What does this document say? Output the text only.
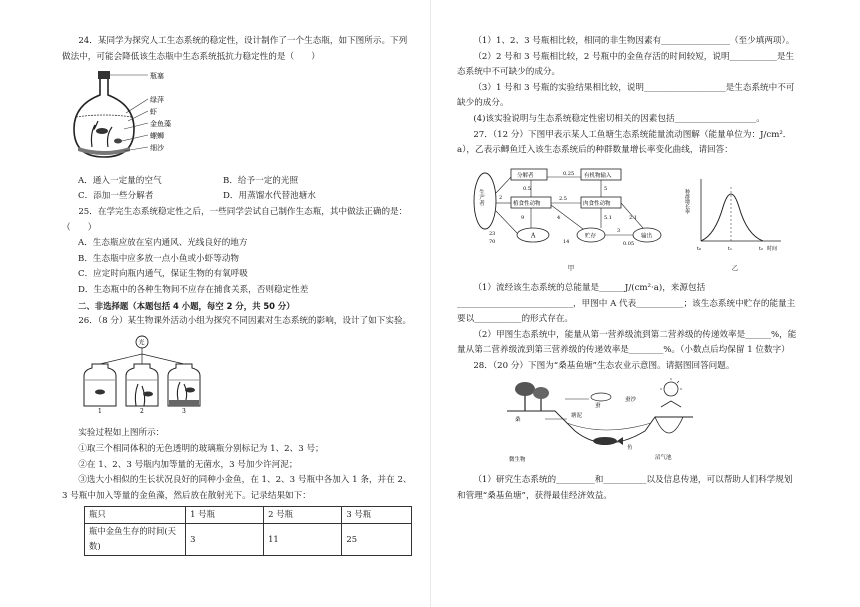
24．某同学为探究人工生态系统的稳定性，设计制作了一个生态瓶，如下图所示。下列做法中，可能会降低该生态瓶中生态系统抵抗力稳定性的是（　　）

瓶塞
绿萍
虾
金鱼藻
螺蛳
细沙
A．通入一定量的空气	B．给予一定的光照
C．添加一些分解者	D．用蒸馏水代替池塘水

25．在学完生态系统稳定性之后，一些同学尝试自己制作生态瓶，其中做法正确的是：（　　）

A．生态瓶应放在室内通风、光线良好的地方

B．生态瓶中应多放一点小鱼或小虾等动物

C．应定时向瓶内通气，保证生物的有氧呼吸

D．生态瓶中的各种生物间不应存在捕食关系，否则稳定性差

二、非选择题（本题包括 4 小题，每空 2 分，共 50 分）

26．（8 分）某生物课外活动小组为探究不同因素对生态系统的影响，设计了如下实验。

光
1	2	3

实验过程如上图所示：

①取三个相同体积的无色透明的玻璃瓶分别标记为 1、2、3 号；

②在 1、2、3 号瓶内加等量的无菌水，3 号加少许河泥；

③选大小相似的生长状况良好的同种小金鱼，在 1、2、3 号瓶中各加入 1 条，并在 2、3 号瓶中加入等量的金鱼藻，然后放在散射光下。记录结果如下：

瓶只	1 号瓶	2 号瓶	3 号瓶
瓶中金鱼生存的时间(天数)	3	11	25

（1）1、2、3 号瓶相比较，相同的非生物因素有________________（至少填两项）。

（2）2 号和 3 号瓶相比较，2 号瓶中的金鱼存活的时间较短，说明___________是生态系统中不可缺少的成分。

（3）1 号和 3 号瓶的实验结果相比较，说明___________________是生态系统中不可缺少的成分。

(4)该实验说明与生态系统稳定性密切相关的因素包括___________________。

27．（12 分）下图甲表示某人工鱼塘生态系统能量流动图解（能量单位为：J/cm²．a），乙表示鲫鱼迁入该生态系统后的种群数量增长率变化曲线，请回答：

生产者
分解者	有机物输入
植食性动物	肉食性动物
A	贮存	输出
0.5
2	2.5
5
0.25
9	4	5.1
23
70	14
3
2.1
0.05
甲
种群增长率
时间
t₀	t₁	t₂
乙

（1）流经该生态系统的总能量是______J/(cm²·a)，来源包括___________________________，甲图中 A 代表___________；该生态系统中贮存的能量主要以___________的形式存在。

（2）甲图生态系统中，能量从第一营养级流到第二营养级的传递效率是______%，能量从第二营养级流到第三营养级的传递效率是________%。（小数点后均保留 1 位数字）

28．（20 分）下图为“桑基鱼塘”生态农业示意图。请据图回答问题。

桑
蚕
蚕沙
塘泥
鱼
微生物	沼气池

（1）研究生态系统的_________和__________以及信息传递，可以帮助人们科学规划和管理“桑基鱼塘”，获得最佳经济效益。
